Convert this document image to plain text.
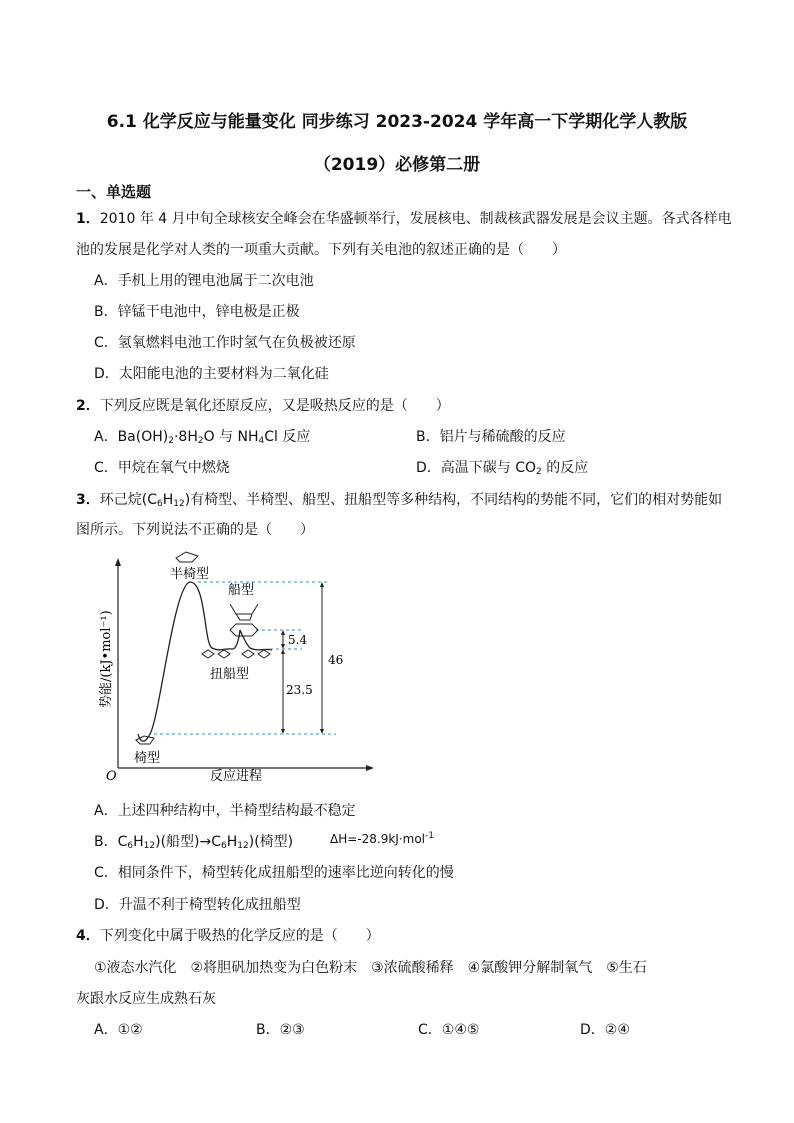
6.1 化学反应与能量变化 同步练习 2023-2024 学年高一下学期化学人教版
（2019）必修第二册
一、单选题
1．2010 年 4 月中旬全球核安全峰会在华盛顿举行，发展核电、制裁核武器发展是会议主题。各式各样电
池的发展是化学对人类的一项重大贡献。下列有关电池的叙述正确的是（　　）
A．手机上用的锂电池属于二次电池
B．锌锰干电池中，锌电极是正极
C．氢氧燃料电池工作时氢气在负极被还原
D．太阳能电池的主要材料为二氧化硅
2．下列反应既是氧化还原反应，又是吸热反应的是（　　）
A．$Ba(OH)_2\cdot 8H_2O$ 与 $NH_4Cl$ 反应	B．铝片与稀硫酸的反应
C．甲烷在氧气中燃烧	D．高温下碳与 $CO_2$ 的反应
3．环己烷$(C_6H_{12})$有椅型、半椅型、船型、扭船型等多种结构，不同结构的势能不同，它们的相对势能如
图所示。下列说法不正确的是（　　）
O	反应进程
势能/(kJ•mol⁻¹)	5.4
23.5
46
半椅型
船型
扭船型
椅型
A．上述四种结构中，半椅型结构最不稳定
B．$C_6H_{12}$)(船型)$\to C_6H_{12}$)(椅型)	ΔH=-28.9kJ·mol$^{-1}$
C．相同条件下，椅型转化成扭船型的速率比逆向转化的慢
D．升温不利于椅型转化成扭船型
4．下列变化中属于吸热的化学反应的是（　　）
①液态水汽化　②将胆矾加热变为白色粉末　③浓硫酸稀释　④氯酸钾分解制氧气　⑤生石
灰跟水反应生成熟石灰
A．①②	B．②③	C．①④⑤	D．②④
